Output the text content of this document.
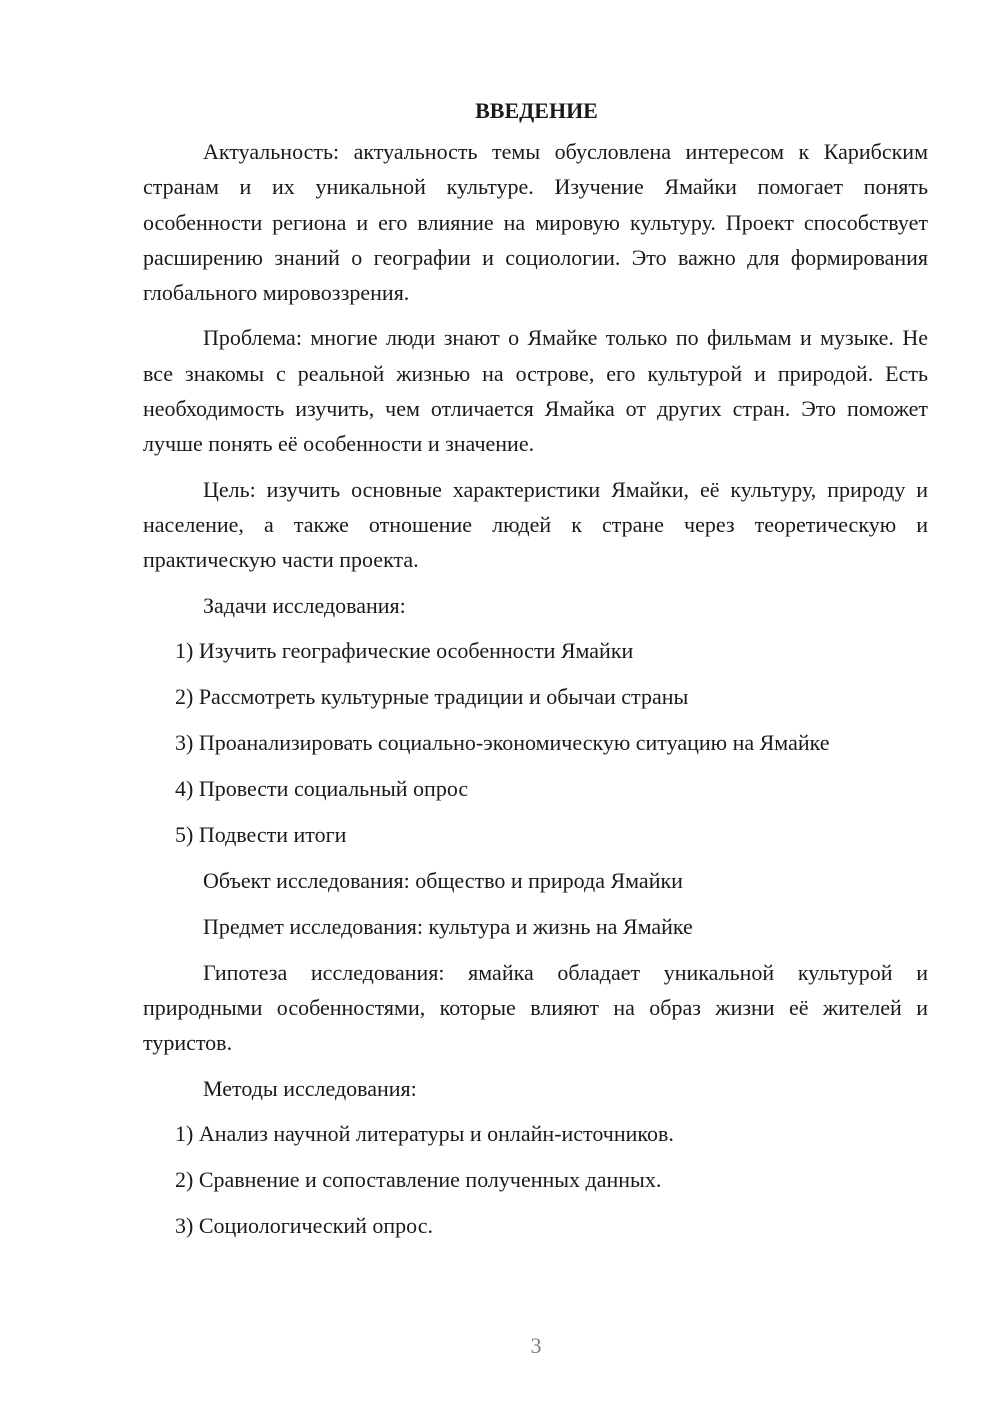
ВВЕДЕНИЕ

Актуальность: актуальность темы обусловлена интересом к Карибским странам и их уникальной культуре. Изучение Ямайки помогает понять особенности региона и его влияние на мировую культуру. Проект способствует расширению знаний о географии и социологии. Это важно для формирования глобального мировоззрения.

Проблема: многие люди знают о Ямайке только по фильмам и музыке. Не все знакомы с реальной жизнью на острове, его культурой и природой. Есть необходимость изучить, чем отличается Ямайка от других стран. Это поможет лучше понять её особенности и значение.

Цель: изучить основные характеристики Ямайки, её культуру, природу и население, а также отношение людей к стране через теоретическую и практическую части проекта.

Задачи исследования:
1) Изучить географические особенности Ямайки
2) Рассмотреть культурные традиции и обычаи страны
3) Проанализировать социально-экономическую ситуацию на Ямайке
4) Провести социальный опрос
5) Подвести итоги
Объект исследования: общество и природа Ямайки
Предмет исследования: культура и жизнь на Ямайке

Гипотеза исследования: ямайка обладает уникальной культурой и природными особенностями, которые влияют на образ жизни её жителей и туристов.

Методы исследования:
1) Анализ научной литературы и онлайн-источников.
2) Сравнение и сопоставление полученных данных.
3) Социологический опрос.
3
